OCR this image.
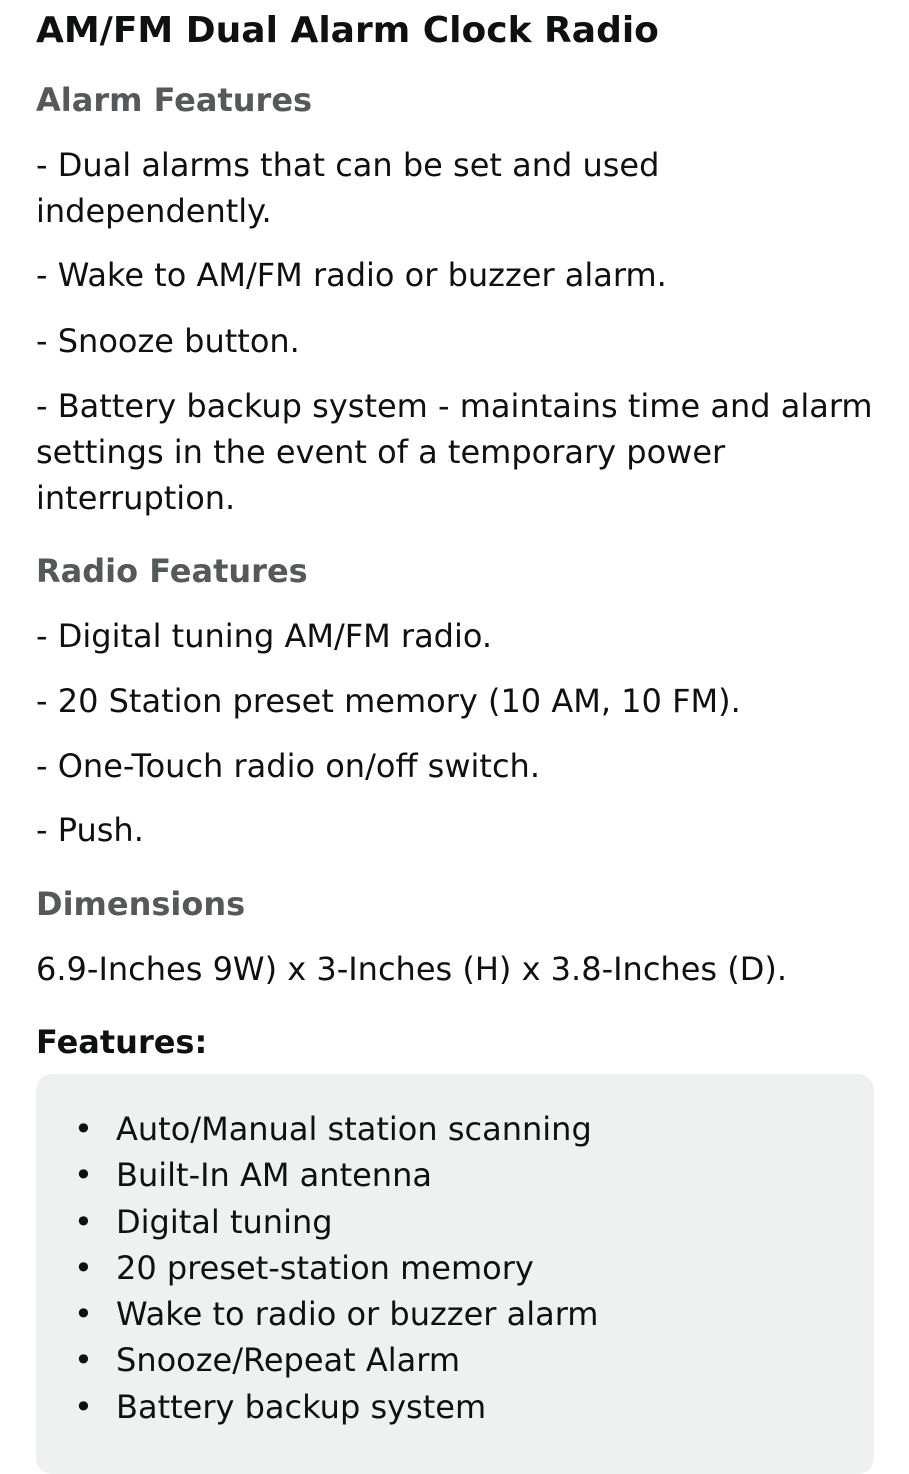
AM/FM Dual Alarm Clock Radio
Alarm Features

- Dual alarms that can be set and used independently.

- Wake to AM/FM radio or buzzer alarm.

- Snooze button.

- Battery backup system - maintains time and alarm settings in the event of a temporary power interruption.

Radio Features

- Digital tuning AM/FM radio.

- 20 Station preset memory (10 AM, 10 FM).

- One-Touch radio on/off switch.

- Push.

Dimensions

6.9-Inches 9W) x 3-Inches (H) x 3.8-Inches (D).

Features:
• Auto/Manual station scanning
• Built-In AM antenna
• Digital tuning
• 20 preset-station memory
• Wake to radio or buzzer alarm
• Snooze/Repeat Alarm
• Battery backup system
